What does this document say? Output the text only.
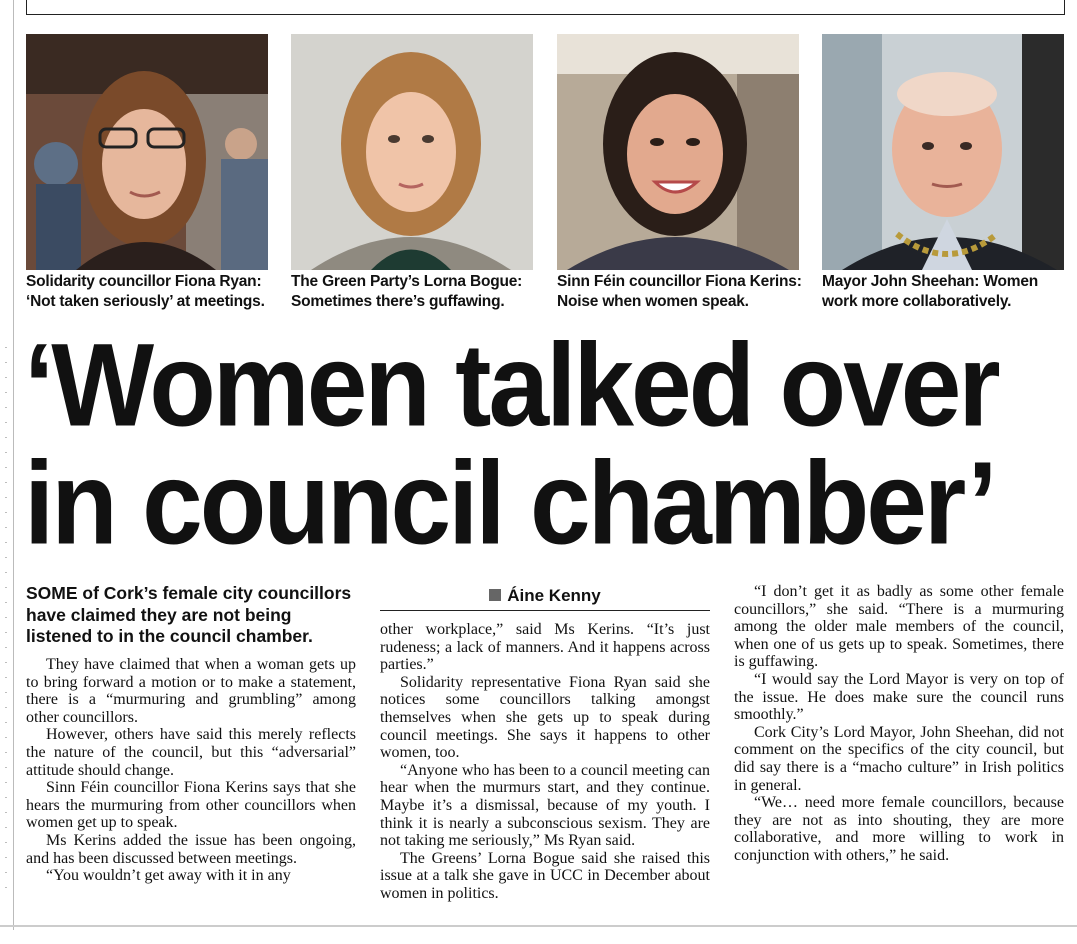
·
·
·
·
·
·
·
·
·
·
·
·
·
·
·
·
·
·
·
·
·
·
·
·
·
·
·
·
·
·
·
·
·
·
·
·
·
Solidarity councillor Fiona Ryan:
‘Not taken seriously’ at meetings.
The Green Party’s Lorna Bogue:
Sometimes there’s guffawing.
Sinn Féin councillor Fiona Kerins:
Noise when women speak.
Mayor John Sheehan: Women
work more collaboratively.
‘Women talked over
in council chamber’
SOME of Cork’s female city councillors have claimed they are not being listened to in the council chamber.

They have claimed that when a woman gets up to bring forward a motion or to make a statement, there is a “murmuring and grumbling” among other councillors.

However, others have said this merely reflects the nature of the council, but this “adversarial” attitude should change.

Sinn Féin councillor Fiona Kerins says that she hears the murmuring from other councillors when women get up to speak.

Ms Kerins added the issue has been ongoing, and has been discussed between meetings.

“You wouldn’t get away with it in any

Áine Kenny

other workplace,” said Ms Kerins. “It’s just rudeness; a lack of manners. And it happens across parties.”

Solidarity representative Fiona Ryan said she notices some councillors talking amongst themselves when she gets up to speak during council meetings. She says it happens to other women, too.

“Anyone who has been to a council meeting can hear when the murmurs start, and they continue. Maybe it’s a dismissal, because of my youth. I think it is nearly a subconscious sexism. They are not taking me seriously,” Ms Ryan said.

The Greens’ Lorna Bogue said she raised this issue at a talk she gave in UCC in December about women in politics.

“I don’t get it as badly as some other female councillors,” she said. “There is a murmuring among the older male members of the council, when one of us gets up to speak. Sometimes, there is guffawing.

“I would say the Lord Mayor is very on top of the issue. He does make sure the council runs smoothly.”

Cork City’s Lord Mayor, John Sheehan, did not comment on the specifics of the city council, but did say there is a “macho culture” in Irish politics in general.

“We… need more female councillors, because they are not as into shouting, they are more collaborative, and more willing to work in conjunction with others,” he said.
